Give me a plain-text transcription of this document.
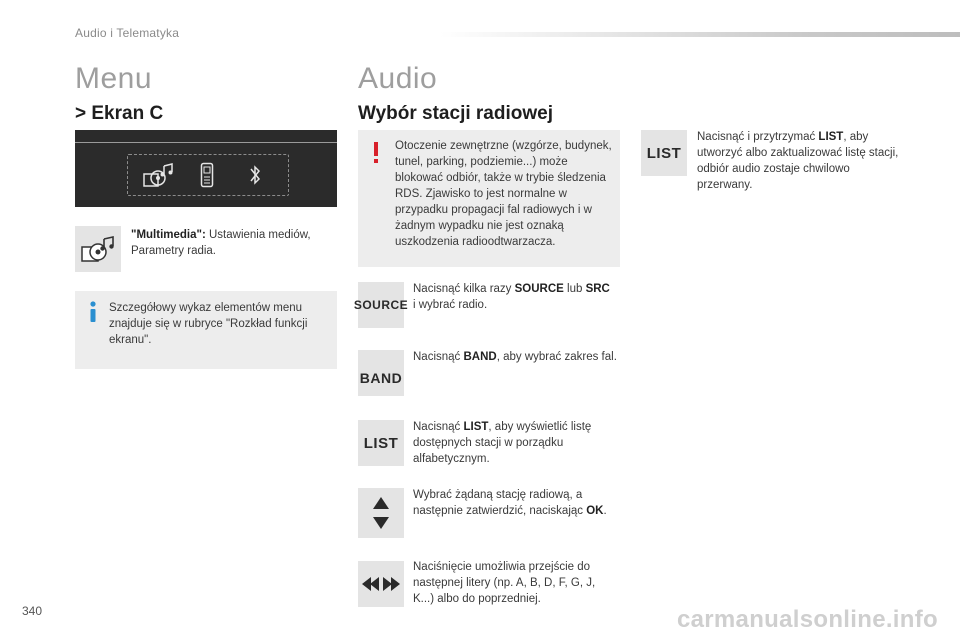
Audio i Telematyka
Menu
> Ekran C
"Multimedia": Ustawienia mediów, Parametry radia.
Szczegółowy wykaz elementów menu znajduje się w rubryce "Rozkład funkcji ekranu".
Audio
Wybór stacji radiowej
Otoczenie zewnętrzne (wzgórze, budynek, tunel, parking, podziemie...) może blokować odbiór, także w trybie śledzenia RDS. Zjawisko to jest normalne w przypadku propagacji fal radiowych i w żadnym wypadku nie jest oznaką uszkodzenia radioodtwarzacza.
SOURCE
Nacisnąć kilka razy SOURCE lub SRC i wybrać radio.
BAND
Nacisnąć BAND, aby wybrać zakres fal.
LIST
Nacisnąć LIST, aby wyświetlić listę dostępnych stacji w porządku alfabetycznym.
Wybrać żądaną stację radiową, a następnie zatwierdzić, naciskając OK.
Naciśnięcie umożliwia przejście do następnej litery (np. A, B, D, F, G, J, K...) albo do poprzedniej.
LIST
Nacisnąć i przytrzymać LIST, aby utworzyć albo zaktualizować listę stacji, odbiór audio zostaje chwilowo przerwany.
340	carmanualsonline.info
